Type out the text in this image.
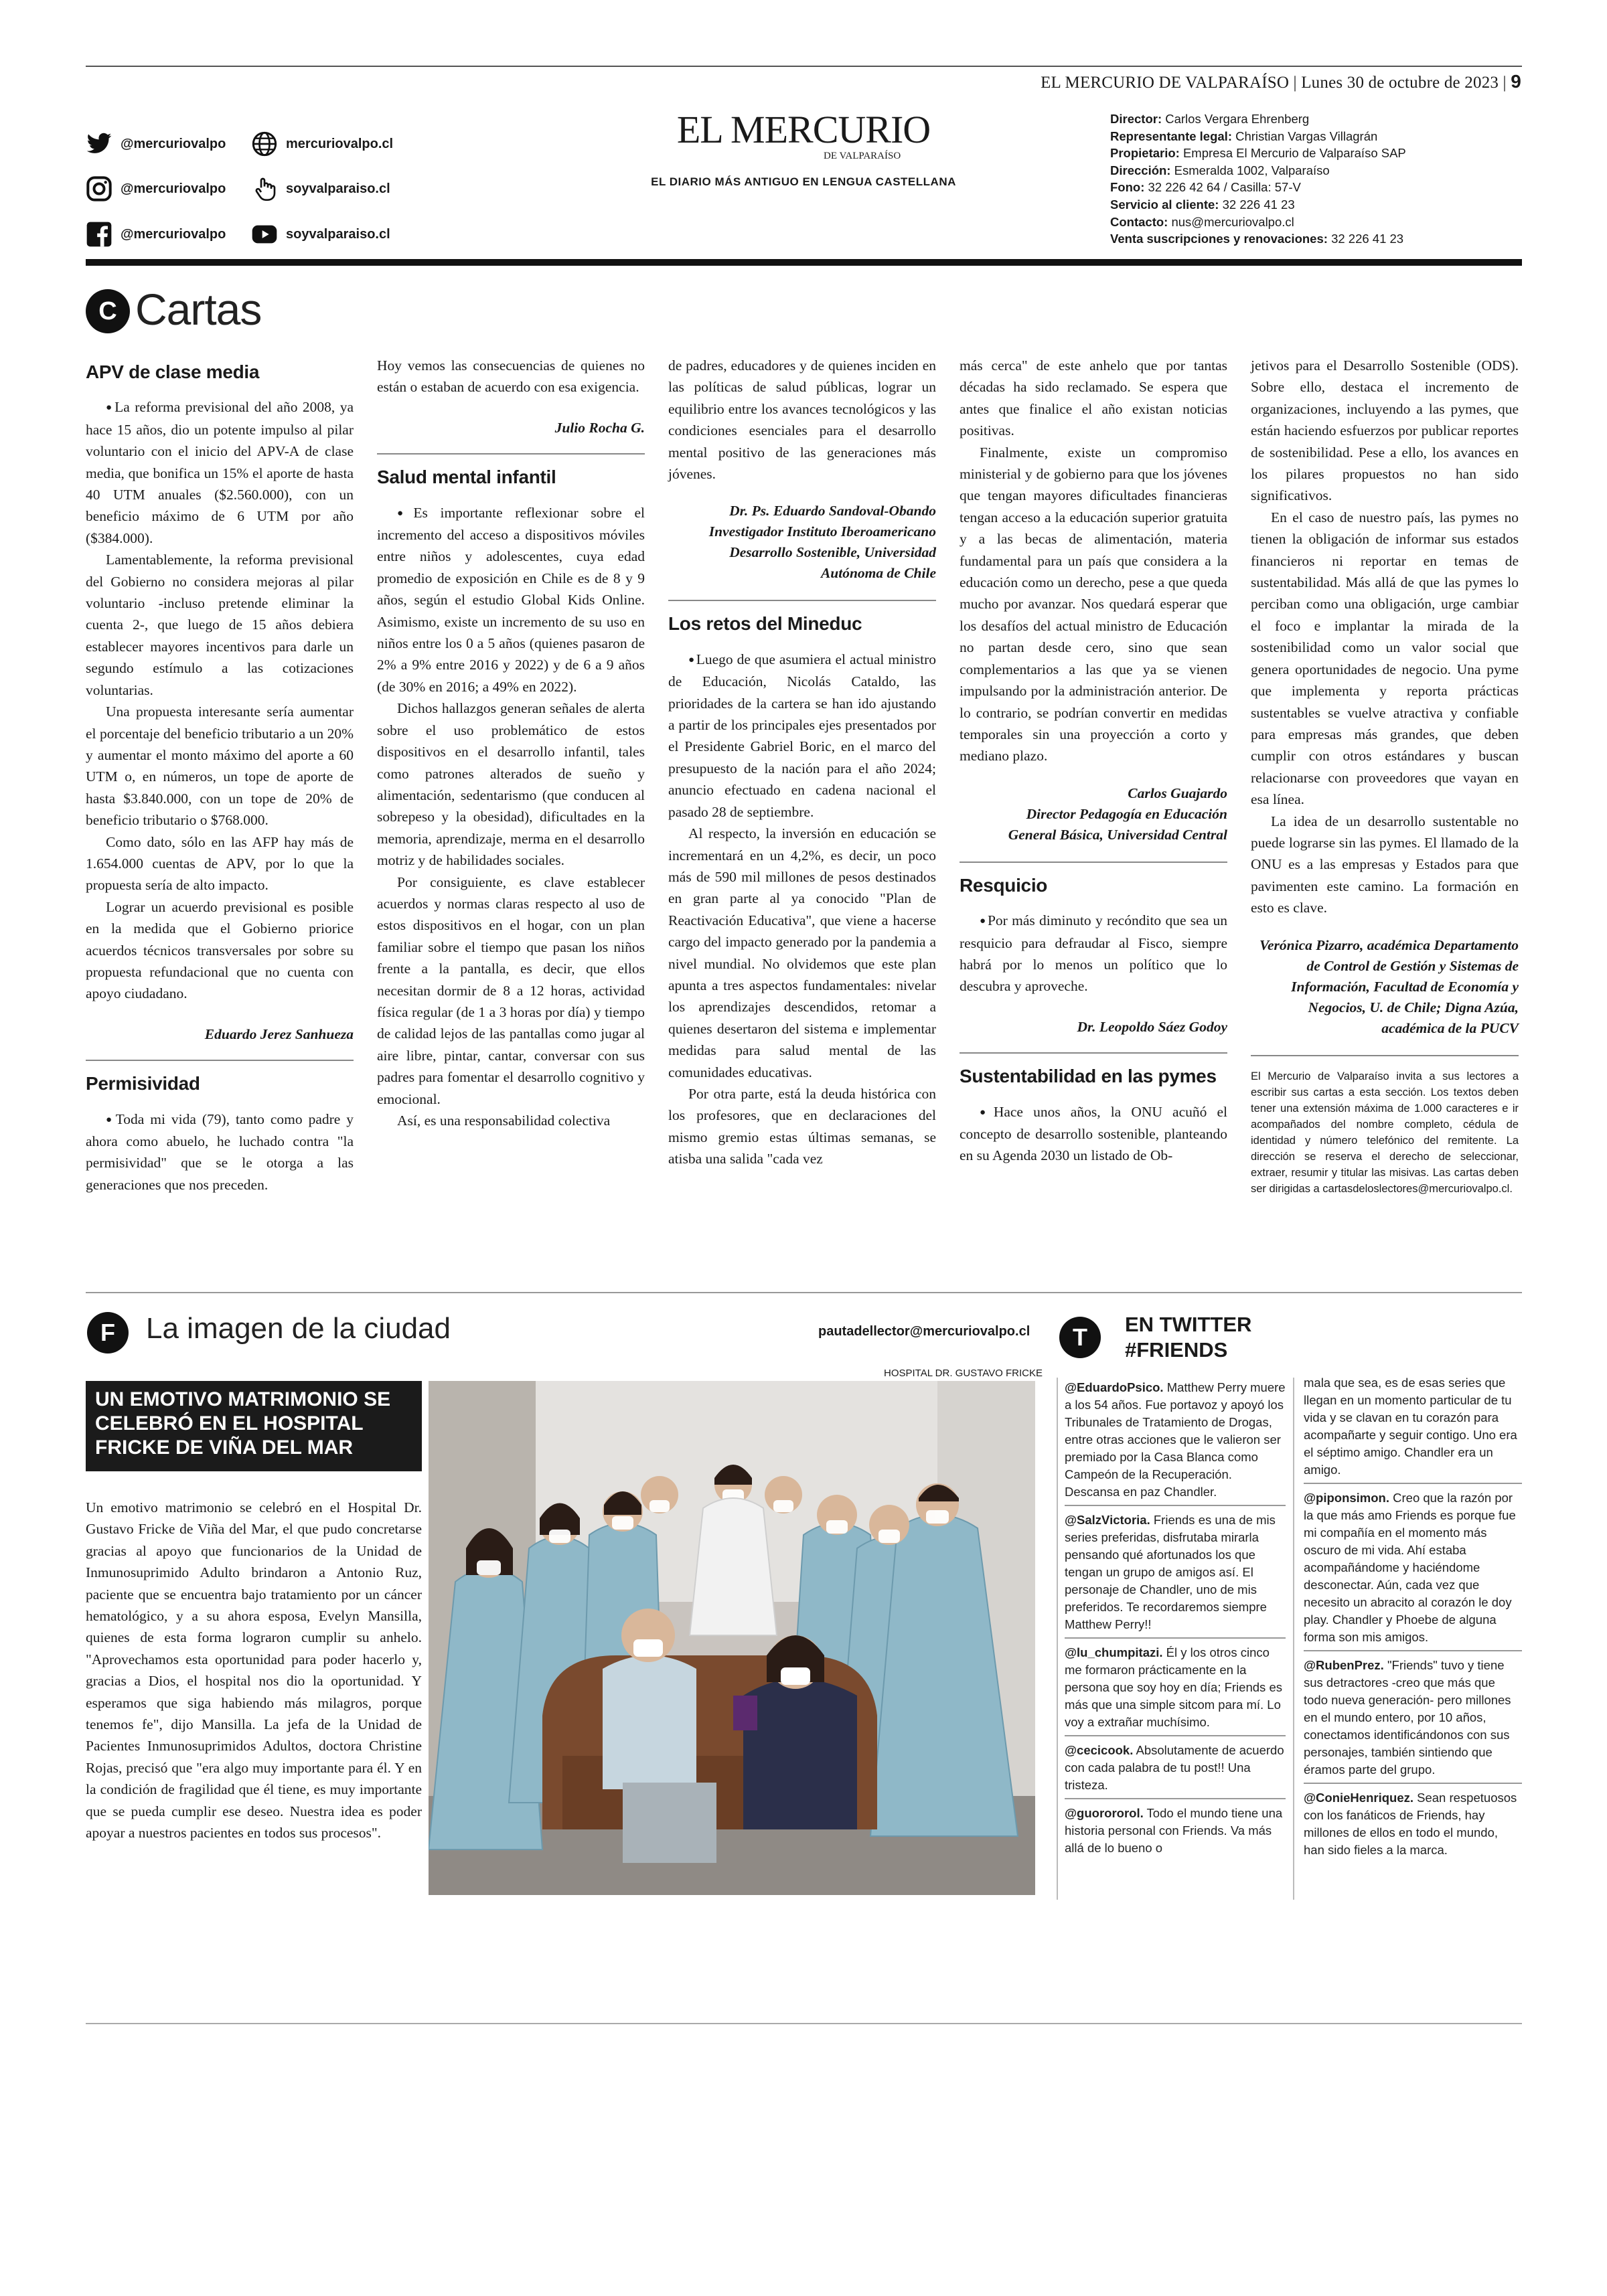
EL MERCURIO DE VALPARAÍSO | Lunes 30 de octubre de 2023 | 9
@mercuriovalpo
@mercuriovalpo
@mercuriovalpo
mercuriovalpo.cl
soyvalparaiso.cl
soyvalparaiso.cl
EL MERCURIO
DE VALPARAÍSO
EL DIARIO MÁS ANTIGUO EN LENGUA CASTELLANA
Director: Carlos Vergara Ehrenberg
Representante legal: Christian Vargas Villagrán
Propietario: Empresa El Mercurio de Valparaíso SAP
Dirección: Esmeralda 1002, Valparaíso
Fono: 32 226 42 64 / Casilla: 57-V
Servicio al cliente: 32 226 41 23
Contacto: nus@mercuriovalpo.cl
Venta suscripciones y renovaciones: 32 226 41 23
C Cartas
APV de clase media

● La reforma previsional del año 2008, ya hace 15 años, dio un potente impulso al pilar voluntario con el inicio del APV-A de clase media, que bonifica un 15% el aporte de hasta 40 UTM anuales ($2.560.000), con un beneficio máximo de 6 UTM por año ($384.000).

Lamentablemente, la reforma previsional del Gobierno no considera mejoras al pilar voluntario -incluso pretende eliminar la cuenta 2-, que luego de 15 años debiera establecer mayores incentivos para darle un segundo estímulo a las cotizaciones voluntarias.

Una propuesta interesante sería aumentar el porcentaje del beneficio tributario a un 20% y aumentar el monto máximo del aporte a 60 UTM o, en números, un tope de aporte de hasta $3.840.000, con un tope de 20% de beneficio tributario o $768.000.

Como dato, sólo en las AFP hay más de 1.654.000 cuentas de APV, por lo que la propuesta sería de alto impacto.

Lograr un acuerdo previsional es posible en la medida que el Gobierno priorice acuerdos técnicos transversales por sobre su propuesta refundacional que no cuenta con apoyo ciudadano.

Eduardo Jerez Sanhueza

Permisividad

● Toda mi vida (79), tanto como padre y ahora como abuelo, he luchado contra "la permisividad" que se le otorga a las generaciones que nos preceden.

Hoy vemos las consecuencias de quienes no están o estaban de acuerdo con esa exigencia.

Julio Rocha G.

Salud mental infantil

● Es importante reflexionar sobre el incremento del acceso a dispositivos móviles entre niños y adolescentes, cuya edad promedio de exposición en Chile es de 8 y 9 años, según el estudio Global Kids Online. Asimismo, existe un incremento de su uso en niños entre los 0 a 5 años (quienes pasaron de 2% a 9% entre 2016 y 2022) y de 6 a 9 años (de 30% en 2016; a 49% en 2022).

Dichos hallazgos generan señales de alerta sobre el uso problemático de estos dispositivos en el desarrollo infantil, tales como patrones alterados de sueño y alimentación, sedentarismo (que conducen al sobrepeso y la obesidad), dificultades en la memoria, aprendizaje, merma en el desarrollo motriz y de habilidades sociales.

Por consiguiente, es clave establecer acuerdos y normas claras respecto al uso de estos dispositivos en el hogar, con un plan familiar sobre el tiempo que pasan los niños frente a la pantalla, es decir, que ellos necesitan dormir de 8 a 12 horas, actividad física regular (de 1 a 3 horas por día) y tiempo de calidad lejos de las pantallas como jugar al aire libre, pintar, cantar, conversar con sus padres para fomentar el desarrollo cognitivo y emocional.

Así, es una responsabilidad colectiva

de padres, educadores y de quienes inciden en las políticas de salud públicas, lograr un equilibrio entre los avances tecnológicos y las condiciones esenciales para el desarrollo mental positivo de las generaciones más jóvenes.

Dr. Ps. Eduardo Sandoval-Obando
Investigador Instituto Iberoamericano
Desarrollo Sostenible, Universidad
Autónoma de Chile

Los retos del Mineduc

● Luego de que asumiera el actual ministro de Educación, Nicolás Cataldo, las prioridades de la cartera se han ido ajustando a partir de los principales ejes presentados por el Presidente Gabriel Boric, en el marco del presupuesto de la nación para el año 2024; anuncio efectuado en cadena nacional el pasado 28 de septiembre.

Al respecto, la inversión en educación se incrementará en un 4,2%, es decir, un poco más de 590 mil millones de pesos destinados en gran parte al ya conocido "Plan de Reactivación Educativa", que viene a hacerse cargo del impacto generado por la pandemia a nivel mundial. No olvidemos que este plan apunta a tres aspectos fundamentales: nivelar los aprendizajes descendidos, retomar a quienes desertaron del sistema e implementar medidas para salud mental de las comunidades educativas.

Por otra parte, está la deuda histórica con los profesores, que en declaraciones del mismo gremio estas últimas semanas, se atisba una salida "cada vez

más cerca" de este anhelo que por tantas décadas ha sido reclamado. Se espera que antes que finalice el año existan noticias positivas.

Finalmente, existe un compromiso ministerial y de gobierno para que los jóvenes que tengan mayores dificultades financieras tengan acceso a la educación superior gratuita y a las becas de alimentación, materia fundamental para un país que considera a la educación como un derecho, pese a que queda mucho por avanzar. Nos quedará esperar que los desafíos del actual ministro de Educación no partan desde cero, sino que sean complementarios a las que ya se vienen impulsando por la administración anterior. De lo contrario, se podrían convertir en medidas temporales sin una proyección a corto y mediano plazo.

Carlos Guajardo
Director Pedagogía en Educación
General Básica, Universidad Central

Resquicio

● Por más diminuto y recóndito que sea un resquicio para defraudar al Fisco, siempre habrá por lo menos un político que lo descubra y aproveche.

Dr. Leopoldo Sáez Godoy

Sustentabilidad en las pymes

● Hace unos años, la ONU acuñó el concepto de desarrollo sostenible, planteando en su Agenda 2030 un listado de Ob-

jetivos para el Desarrollo Sostenible (ODS). Sobre ello, destaca el incremento de organizaciones, incluyendo a las pymes, que están haciendo esfuerzos por publicar reportes de sostenibilidad. Pese a ello, los avances en los pilares propuestos no han sido significativos.

En el caso de nuestro país, las pymes no tienen la obligación de informar sus estados financieros ni reportar en temas de sustentabilidad. Más allá de que las pymes lo perciban como una obligación, urge cambiar el foco e implantar la mirada de la sostenibilidad como un valor social que genera oportunidades de negocio. Una pyme que implementa y reporta prácticas sustentables se vuelve atractiva y confiable para empresas más grandes, que deben cumplir con otros estándares y buscan relacionarse con proveedores que vayan en esa línea.

La idea de un desarrollo sustentable no puede lograrse sin las pymes. El llamado de la ONU es a las empresas y Estados para que pavimenten este camino. La formación en esto es clave.

Verónica Pizarro, académica Departamento de Control de Gestión y Sistemas de Información, Facultad de Economía y Negocios, U. de Chile; Digna Azúa, académica de la PUCV

El Mercurio de Valparaíso invita a sus lectores a escribir sus cartas a esta sección. Los textos deben tener una extensión máxima de 1.000 caracteres e ir acompañados del nombre completo, cédula de identidad y número telefónico del remitente. La dirección se reserva el derecho de seleccionar, extraer, resumir y titular las misivas. Las cartas deben ser dirigidas a cartasdeloslectores@mercuriovalpo.cl.

F	La imagen de la ciudad	pautadellector@mercuriovalpo.cl
UN EMOTIVO MATRIMONIO SE CELEBRÓ EN EL HOSPITAL FRICKE DE VIÑA DEL MAR
Un emotivo matrimonio se celebró en el Hospital Dr. Gustavo Fricke de Viña del Mar, el que pudo concretarse gracias al apoyo que funcionarios de la Unidad de Inmunosuprimido Adulto brindaron a Antonio Ruz, paciente que se encuentra bajo tratamiento por un cáncer hematológico, y a su ahora esposa, Evelyn Mansilla, quienes de esta forma lograron cumplir su anhelo. "Aprovechamos esta oportunidad para poder hacerlo y, gracias a Dios, el hospital nos dio la oportunidad. Y esperamos que siga habiendo más milagros, porque tenemos fe", dijo Mansilla. La jefa de la Unidad de Pacientes Inmunosuprimidos Adultos, doctora Christine Rojas, precisó que "era algo muy importante para él. Y en la condición de fragilidad que él tiene, es muy importante que se pueda cumplir ese deseo. Nuestra idea es poder apoyar a nuestros pacientes en todos sus procesos".
HOSPITAL DR. GUSTAVO FRICKE
T	EN TWITTER
#FRIENDS

@EduardoPsico. Matthew Perry muere a los 54 años. Fue portavoz y apoyó los Tribunales de Tratamiento de Drogas, entre otras acciones que le valieron ser premiado por la Casa Blanca como Campeón de la Recuperación. Descansa en paz Chandler.

@SalzVictoria. Friends es una de mis series preferidas, disfrutaba mirarla pensando qué afortunados los que tengan un grupo de amigos así. El personaje de Chandler, uno de mis preferidos. Te recordaremos siempre Matthew Perry!!

@lu_chumpitazi. Él y los otros cinco me formaron prácticamente en la persona que soy hoy en día; Friends es más que una simple sitcom para mí. Lo voy a extrañar muchísimo.

@cecicook. Absolutamente de acuerdo con cada palabra de tu post!! Una tristeza.

@guorororol. Todo el mundo tiene una historia personal con Friends. Va más allá de lo bueno o

mala que sea, es de esas series que llegan en un momento particular de tu vida y se clavan en tu corazón para acompañarte y seguir contigo. Uno era el séptimo amigo. Chandler era un amigo.

@piponsimon. Creo que la razón por la que más amo Friends es porque fue mi compañía en el momento más oscuro de mi vida. Ahí estaba acompañándome y haciéndome desconectar. Aún, cada vez que necesito un abracito al corazón le doy play. Chandler y Phoebe de alguna forma son mis amigos.

@RubenPrez. "Friends" tuvo y tiene sus detractores -creo que más que todo nueva generación- pero millones en el mundo entero, por 10 años, conectamos identificándonos con sus personajes, también sintiendo que éramos parte del grupo.

@ConieHenriquez. Sean respetuosos con los fanáticos de Friends, hay millones de ellos en todo el mundo, han sido fieles a la marca.
